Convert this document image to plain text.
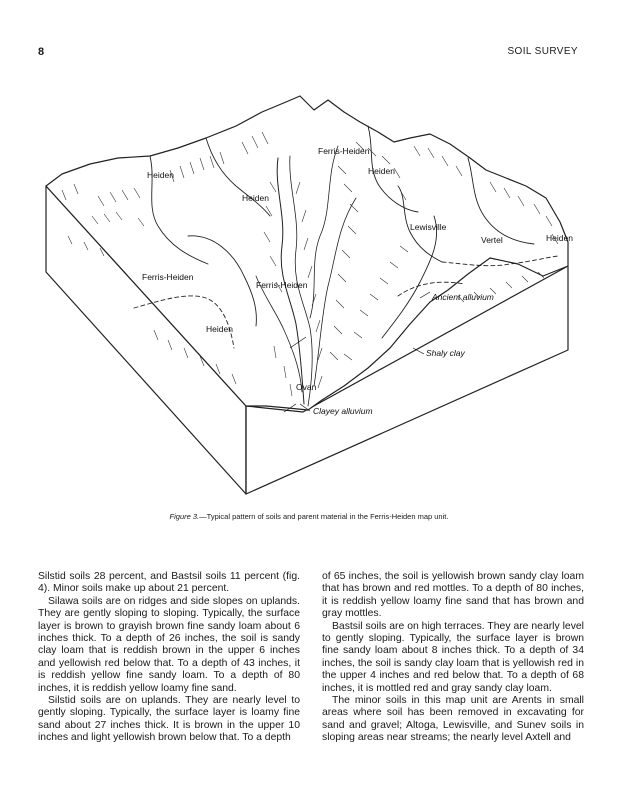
8	SOIL SURVEY
Heiden
Heiden
Ferris-Heiden
Heiden
Lewisville
Vertel	Heiden
Ferris-Heiden
Ferris-Heiden
Ancient alluvium
Heiden
Shaly clay
Ovan
Clayey alluvium
Figure 3.—Typical pattern of soils and parent material in the Ferris-Heiden map unit.

Silstid soils 28 percent, and Bastsil soils 11 percent (fig. 4). Minor soils make up about 21 percent.

Silawa soils are on ridges and side slopes on uplands. They are gently sloping to sloping. Typically, the surface layer is brown to grayish brown fine sandy loam about 6 inches thick. To a depth of 26 inches, the soil is sandy clay loam that is reddish brown in the upper 6 inches and yellowish red below that. To a depth of 43 inches, it is reddish yellow fine sandy loam. To a depth of 80 inches, it is reddish yellow loamy fine sand.

Silstid soils are on uplands. They are nearly level to gently sloping. Typically, the surface layer is loamy fine sand about 27 inches thick. It is brown in the upper 10 inches and light yellowish brown below that. To a depth

of 65 inches, the soil is yellowish brown sandy clay loam that has brown and red mottles. To a depth of 80 inches, it is reddish yellow loamy fine sand that has brown and gray mottles.

Bastsil soils are on high terraces. They are nearly level to gently sloping. Typically, the surface layer is brown fine sandy loam about 8 inches thick. To a depth of 34 inches, the soil is sandy clay loam that is yellowish red in the upper 4 inches and red below that. To a depth of 68 inches, it is mottled red and gray sandy clay loam.

The minor soils in this map unit are Arents in small areas where soil has been removed in excavating for sand and gravel; Altoga, Lewisville, and Sunev soils in sloping areas near streams; the nearly level Axtell and
